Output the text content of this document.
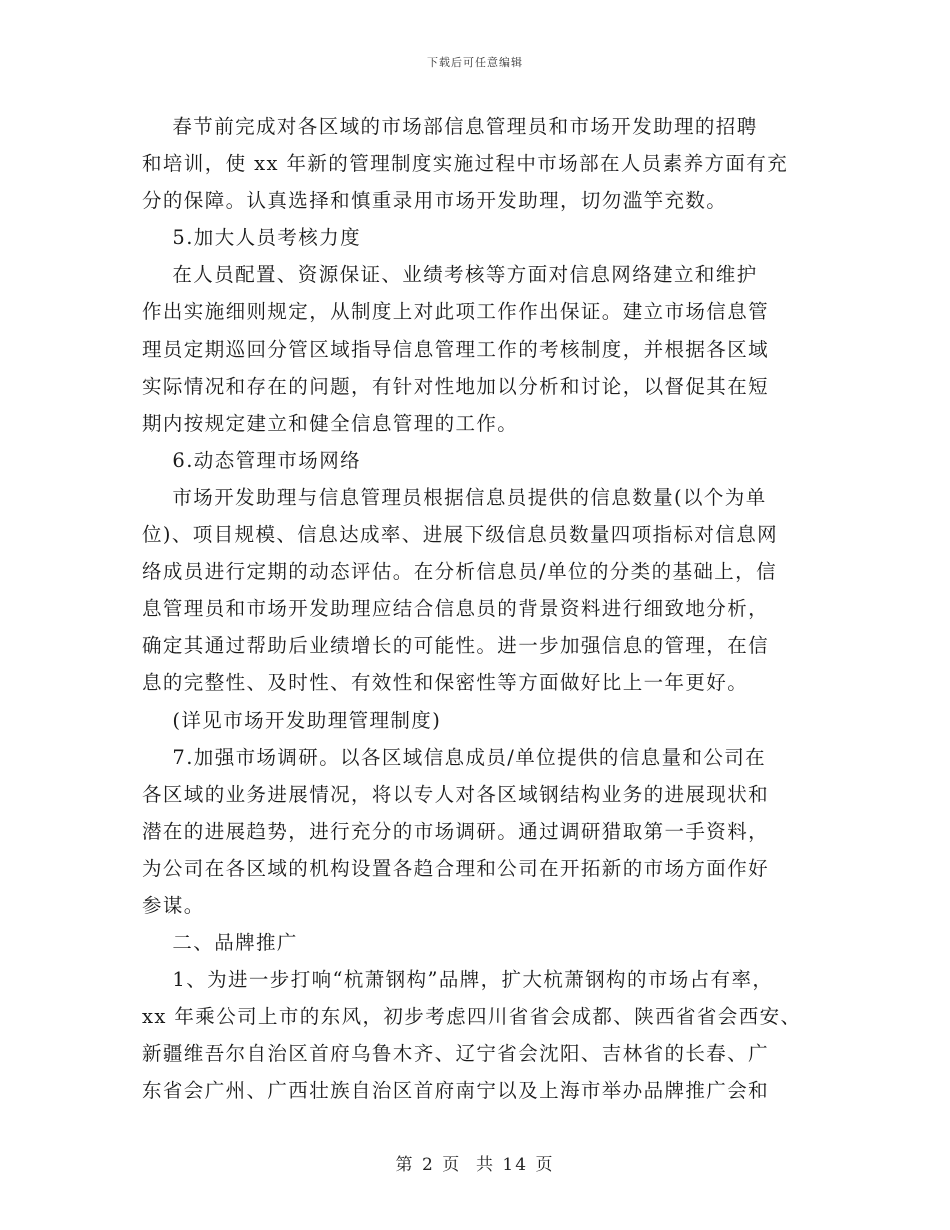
下载后可任意编辑

春节前完成对各区域的市场部信息管理员和市场开发助理的招聘

和培训，使 xx 年新的管理制度实施过程中市场部在人员素养方面有充

分的保障。认真选择和慎重录用市场开发助理，切勿滥竽充数。

5.加大人员考核力度

在人员配置、资源保证、业绩考核等方面对信息网络建立和维护

作出实施细则规定，从制度上对此项工作作出保证。建立市场信息管

理员定期巡回分管区域指导信息管理工作的考核制度，并根据各区域

实际情况和存在的问题，有针对性地加以分析和讨论，以督促其在短

期内按规定建立和健全信息管理的工作。

6.动态管理市场网络

市场开发助理与信息管理员根据信息员提供的信息数量(以个为单

位)、项目规模、信息达成率、进展下级信息员数量四项指标对信息网

络成员进行定期的动态评估。在分析信息员/单位的分类的基础上，信

息管理员和市场开发助理应结合信息员的背景资料进行细致地分析，

确定其通过帮助后业绩增长的可能性。进一步加强信息的管理，在信

息的完整性、及时性、有效性和保密性等方面做好比上一年更好。

(详见市场开发助理管理制度)

7.加强市场调研。以各区域信息成员/单位提供的信息量和公司在

各区域的业务进展情况，将以专人对各区域钢结构业务的进展现状和

潜在的进展趋势，进行充分的市场调研。通过调研猎取第一手资料，

为公司在各区域的机构设置各趋合理和公司在开拓新的市场方面作好

参谋。

二、品牌推广

1、为进一步打响“杭萧钢构”品牌，扩大杭萧钢构的市场占有率，

xx 年乘公司上市的东风，初步考虑四川省省会成都、陕西省省会西安、

新疆维吾尔自治区首府乌鲁木齐、辽宁省会沈阳、吉林省的长春、广

东省会广州、广西壮族自治区首府南宁以及上海市举办品牌推广会和

第 2 页  共 14 页
